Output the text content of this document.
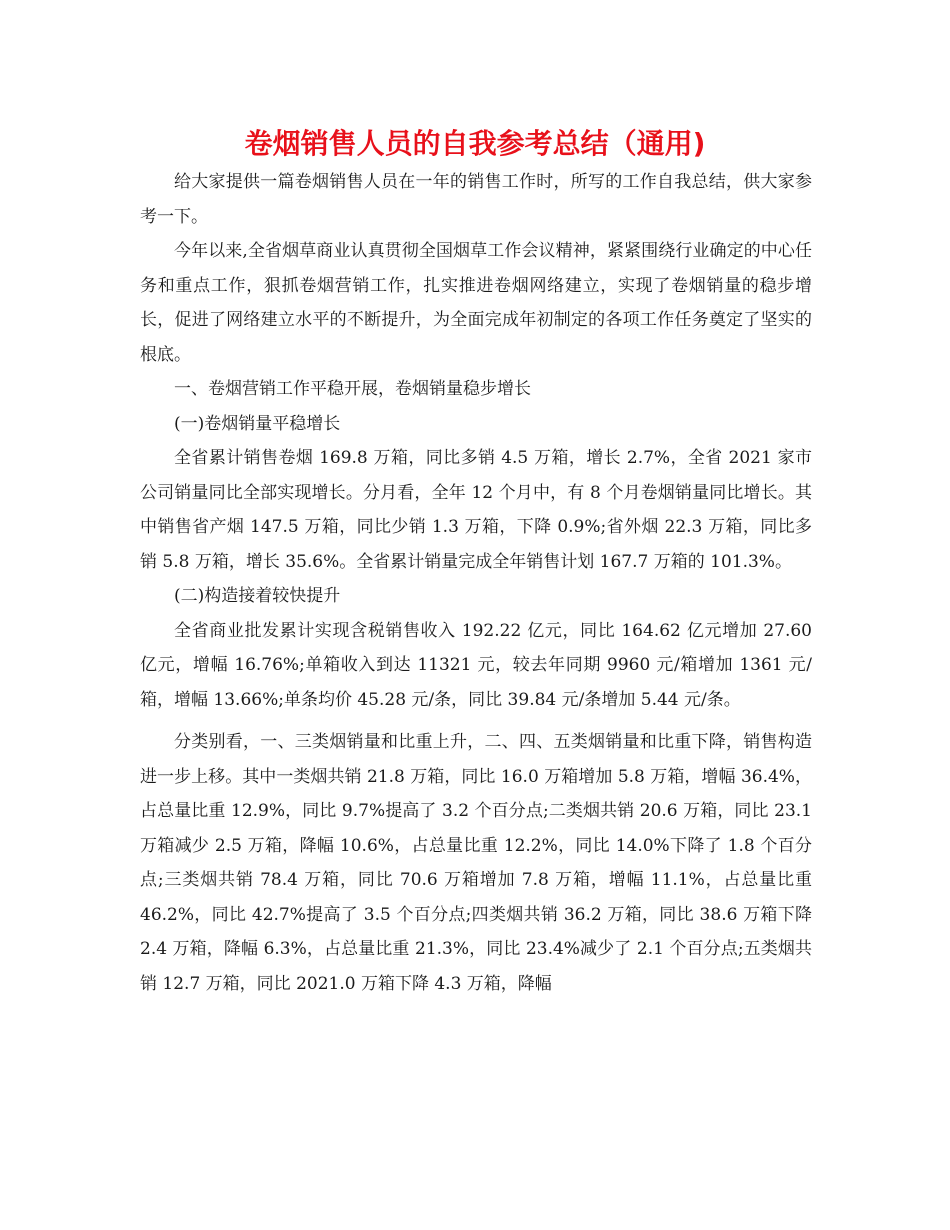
卷烟销售人员的自我参考总结（通用)

给大家提供一篇卷烟销售人员在一年的销售工作时，所写的工作自我总结，供大家参考一下。

今年以来,全省烟草商业认真贯彻全国烟草工作会议精神，紧紧围绕行业确定的中心任务和重点工作，狠抓卷烟营销工作，扎实推进卷烟网络建立，实现了卷烟销量的稳步增长，促进了网络建立水平的不断提升，为全面完成年初制定的各项工作任务奠定了坚实的根底。

一、卷烟营销工作平稳开展，卷烟销量稳步增长

(一)卷烟销量平稳增长

全省累计销售卷烟 169.8 万箱，同比多销 4.5 万箱，增长 2.7%，全省 2021 家市公司销量同比全部实现增长。分月看，全年 12 个月中，有 8 个月卷烟销量同比增长。其中销售省产烟 147.5 万箱，同比少销 1.3 万箱，下降 0.9%;省外烟 22.3 万箱，同比多销 5.8 万箱，增长 35.6%。全省累计销量完成全年销售计划 167.7 万箱的 101.3%。

(二)构造接着较快提升

全省商业批发累计实现含税销售收入 192.22 亿元，同比 164.62 亿元增加 27.60 亿元，增幅 16.76%;单箱收入到达 11321 元，较去年同期 9960 元/箱增加 1361 元/箱，增幅 13.66%;单条均价 45.28 元/条，同比 39.84 元/条增加 5.44 元/条。

分类别看，一、三类烟销量和比重上升，二、四、五类烟销量和比重下降，销售构造进一步上移。其中一类烟共销 21.8 万箱，同比 16.0 万箱增加 5.8 万箱，增幅 36.4%，占总量比重 12.9%，同比 9.7%提高了 3.2 个百分点;二类烟共销 20.6 万箱，同比 23.1 万箱减少 2.5 万箱，降幅 10.6%，占总量比重 12.2%，同比 14.0%下降了 1.8 个百分点;三类烟共销 78.4 万箱，同比 70.6 万箱增加 7.8 万箱，增幅 11.1%，占总量比重 46.2%，同比 42.7%提高了 3.5 个百分点;四类烟共销 36.2 万箱，同比 38.6 万箱下降 2.4 万箱，降幅 6.3%，占总量比重 21.3%，同比 23.4%减少了 2.1 个百分点;五类烟共销 12.7 万箱，同比 2021.0 万箱下降 4.3 万箱，降幅
